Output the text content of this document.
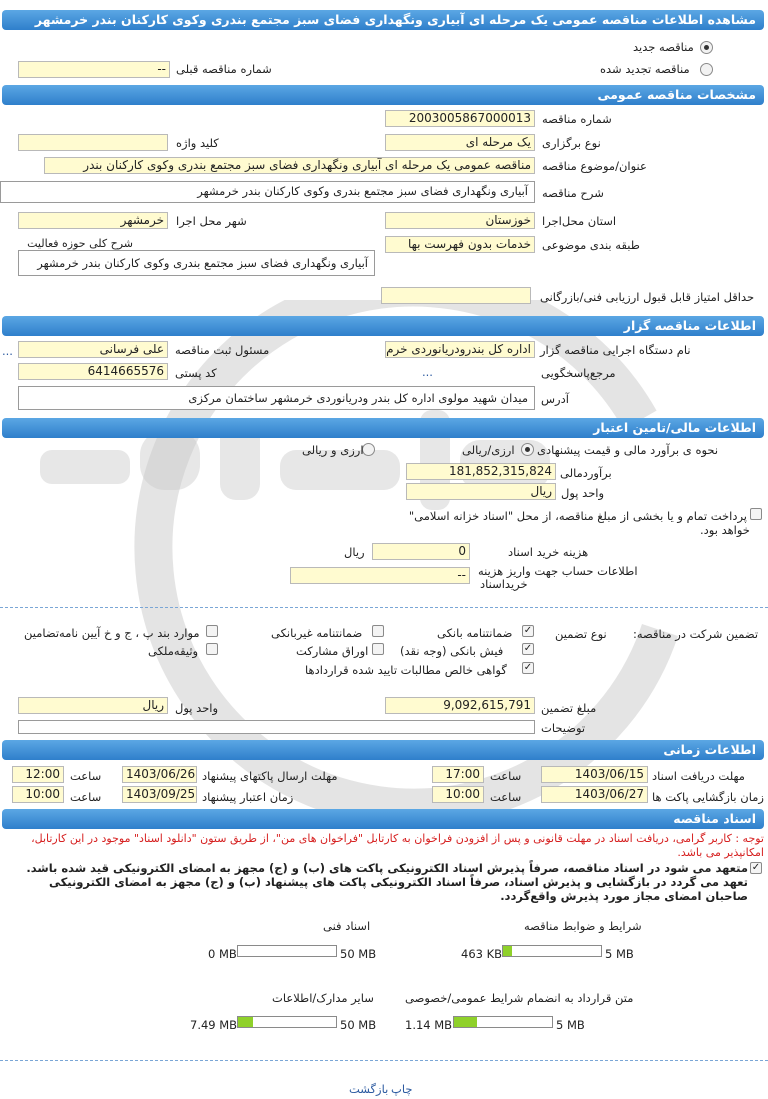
مشاهده اطلاعات مناقصه عمومی یک مرحله ای آبیاری ونگهداری فضای سبز مجتمع بندری وکوی کارکنان بندر خرمشهر
مناقصه جدید
مناقصه تجدید شده
شماره مناقصه قبلی
--
مشخصات مناقصه عمومی
2003005867000013 شماره مناقصه
یک مرحله ای نوع برگزاری
کلید واژه
مناقصه عمومی یک مرحله ای آبیاری ونگهداری فضای سبز مجتمع بندری وکوی کارکنان بندر عنوان/موضوع مناقصه
آبیاری ونگهداری فضای سبز مجتمع بندری وکوی کارکنان بندر خرمشهر	شرح مناقصه
خوزستان استان محل‌اجرا
خرمشهر	شهر محل اجرا
خدمات بدون فهرست بها طبقه بندی موضوعی
شرح کلی حوزه فعالیت
آبیاری ونگهداری فضای سبز مجتمع بندری وکوی کارکنان بندر خرمشهر
حداقل امتیاز قابل قبول ارزیابی فنی/بازرگانی
اطلاعات مناقصه گزار
اداره کل بندرودریانوردی خرم نام دستگاه اجرایی مناقصه گزار
...	علی فرسانی مسئول ثبت مناقصه
...	مرجع‌پاسخگویی
6414665576 کد پستی
میدان شهید مولوی اداره کل بندر ودریانوردی خرمشهر ساختمان مرکزی	آدرس
اطلاعات مالی/تامین اعتبار
نحوه ی برآورد مالی و قیمت پیشنهادی
ارزی/ریالی
ارزی و ریالی
181,852,315,824 برآوردمالی
ریال واحد پول
پرداخت تمام و یا بخشی از مبلغ مناقصه، از محل "اسناد خزانه اسلامی"
خواهد بود.
0
ریال	هزینه خرید اسناد
اطلاعات حساب جهت واریز هزینه
خریداسناد
--
تضمین شرکت در مناقصه:
نوع تضمین
✓
ضمانتنامه بانکی
ضمانتنامه غیربانکی
موارد بند پ ، ج و خ آیین نامه‌تضامین
✓
فیش بانکی (وجه نقد)
اوراق مشارکت
وثیقه‌ملکی
✓
گواهی خالص مطالبات تایید شده قراردادها
9,092,615,791 مبلغ تضمین
ریال واحد پول
توضیحات
اطلاعات زمانی
1403/06/15 مهلت دریافت اسناد
17:00 ساعت
1403/06/26 مهلت ارسال پاکتهای پیشنهاد
12:00 ساعت
1403/06/27 زمان بازگشایی پاکت ها
10:00 ساعت
1403/09/25 زمان اعتبار پیشنهاد
10:00 ساعت
اسناد مناقصه
توجه : کاربر گرامی، دریافت اسناد در مهلت قانونی و پس از افزودن فراخوان به کارتابل "فراخوان های من"، از طریق ستون "دانلود اسناد" موجود در این کارتابل، امکانپذیر می باشد.
✓
متعهد می شود در اسناد مناقصه، صرفاً پذیرش اسناد الکترونیکی پاکت های (ب) و (ج) مجهز به امضای الکترونیکی قید شده باشد. تعهد می گردد در بازگشایی و پذیرش اسناد، صرفاً اسناد الکترونیکی پاکت های پیشنهاد (ب) و (ج) مجهز به امضای الکترونیکی صاحبان امضای مجاز مورد پذیرش واقع‌گردد.
شرایط و ضوابط مناقصه
463 KB	5 MB
اسناد فنی
0 MB	50 MB
متن قرارداد به انضمام شرایط عمومی/خصوصی
1.14 MB	5 MB
سایر مدارک/اطلاعات
7.49 MB	50 MB
چاپ
بازگشت
